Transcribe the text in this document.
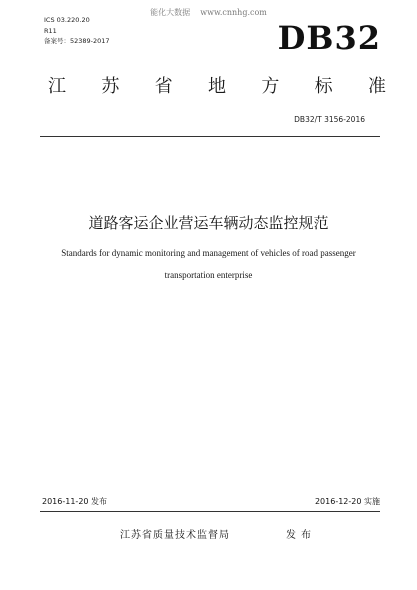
能化大数据    www.cnnhg.com
ICS 03.220.20
R11
备案号：52389-2017	DB32
江 苏 省 地 方 标 准
DB32/T 3156-2016
道路客运企业营运车辆动态监控规范
Standards for dynamic monitoring and management of vehicles of road passenger
transportation enterprise
2016-11-20 发布	2016-12-20 实施
江苏省质量技术监督局	发布
